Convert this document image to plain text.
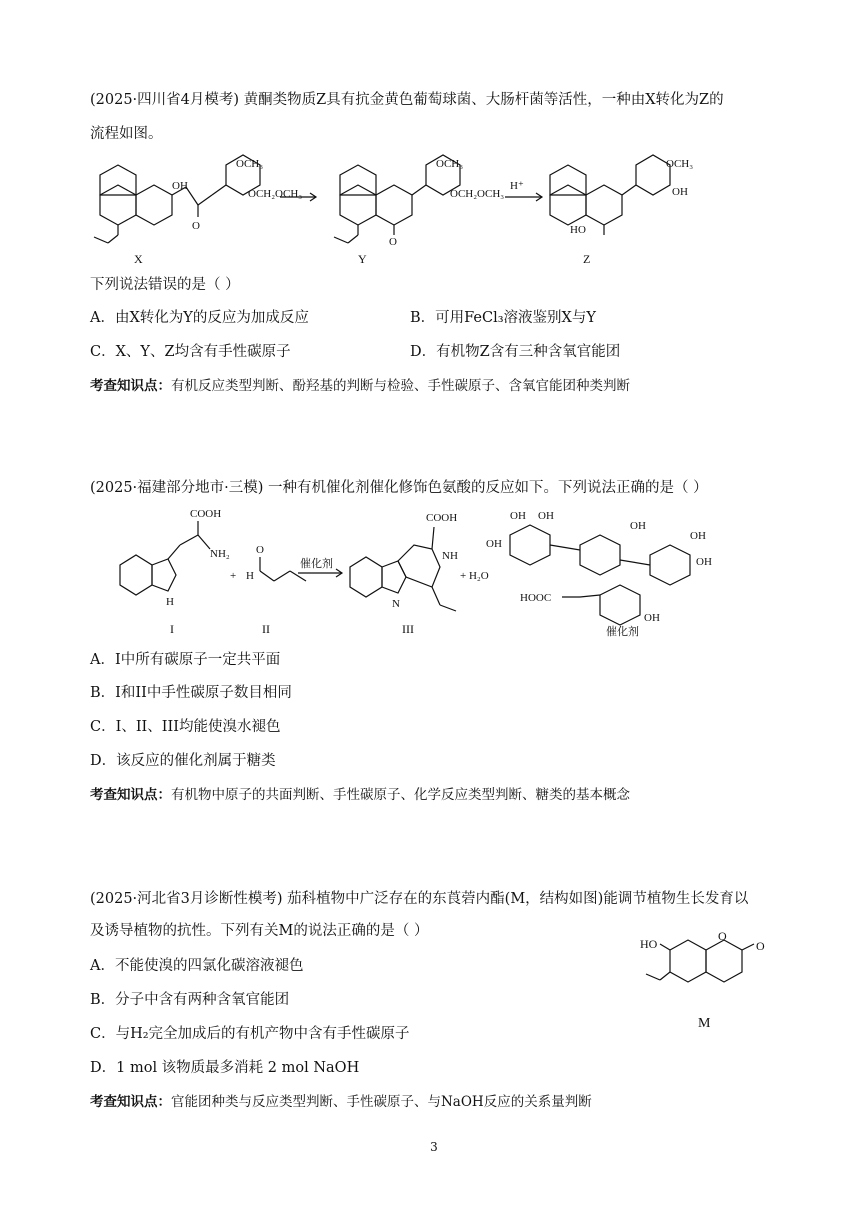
(2025·四川省4月模考) 黄酮类物质Z具有抗金黄色葡萄球菌、大肠杆菌等活性，一种由X转化为Z的
流程如图。
OH
O
OCH₃
OCH₂OCH₃
OCH₃
OCH₂OCH₃
O
H⁺
OCH₃
OH
HO
X	Y	Z
下列说法错误的是（ ）
A．由X转化为Y的反应为加成反应	B．可用FeCl₃溶液鉴别X与Y
C．X、Y、Z均含有手性碳原子	D．有机物Z含有三种含氧官能团
考查知识点：有机反应类型判断、酚羟基的判断与检验、手性碳原子、含氧官能团种类判断
(2025·福建部分地市·三模) 一种有机催化剂催化修饰色氨酸的反应如下。下列说法正确的是（ ）
COOH
NH₂
H
+
O
H
COOH
NH
N
+ H₂O
OH OH
OH
OH
OH
OH
HOOC
OH
催化剂
催化剂
I	II	III
A．I中所有碳原子一定共平面
B．I和II中手性碳原子数目相同
C．I、II、III均能使溴水褪色
D．该反应的催化剂属于糖类
考查知识点：有机物中原子的共面判断、手性碳原子、化学反应类型判断、糖类的基本概念
(2025·河北省3月诊断性模考) 茄科植物中广泛存在的东莨菪内酯(M，结构如图)能调节植物生长发育以
及诱导植物的抗性。下列有关M的说法正确的是（ ）
A．不能使溴的四氯化碳溶液褪色
B．分子中含有两种含氧官能团
C．与H₂完全加成后的有机产物中含有手性碳原子
D．1 mol 该物质最多消耗 2 mol NaOH
考查知识点：官能团种类与反应类型判断、手性碳原子、与NaOH反应的关系量判断
HO
O
O
M
3
